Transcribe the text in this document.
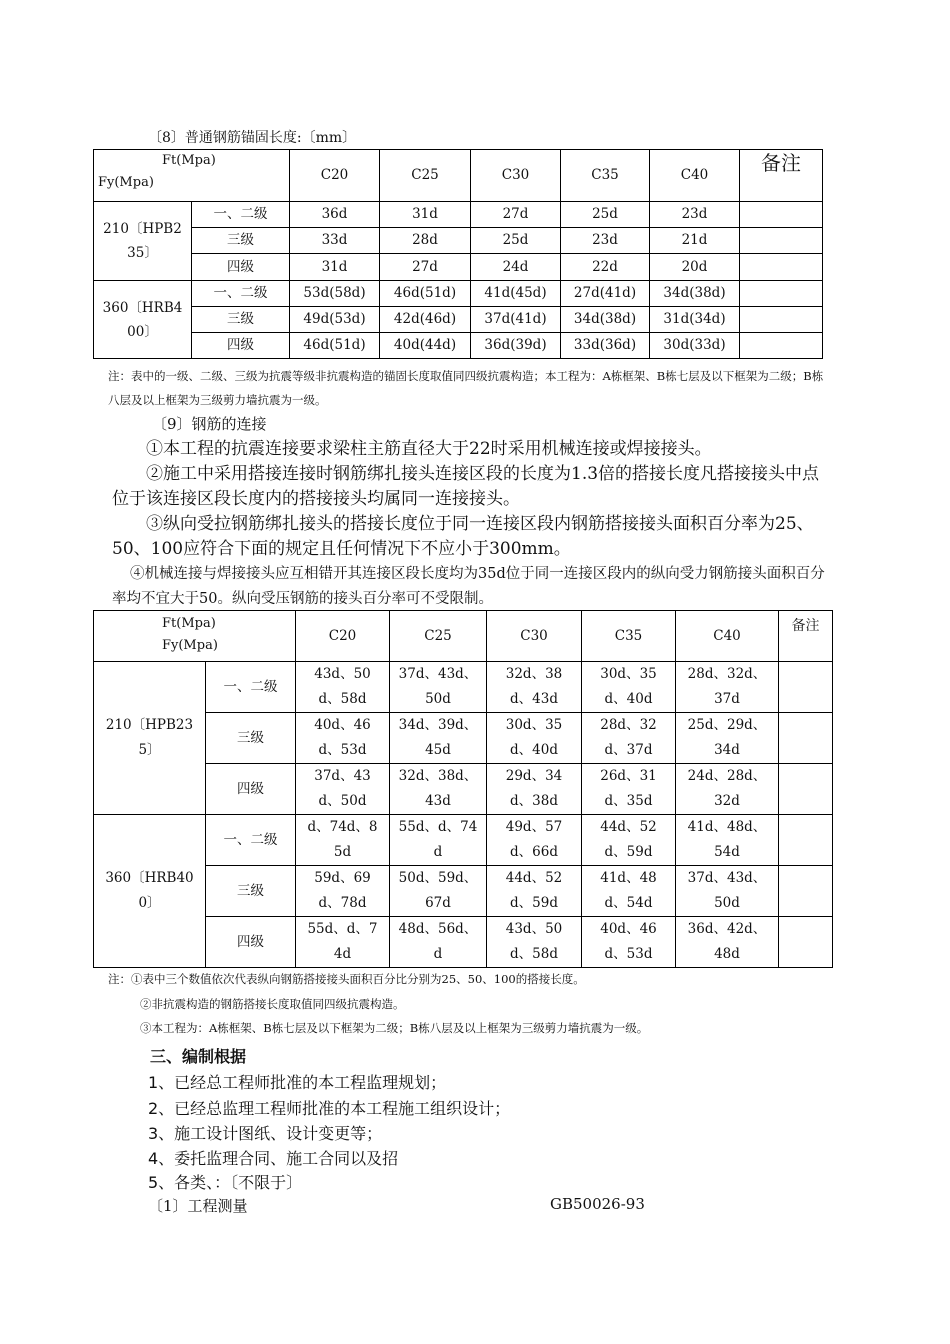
〔8〕普通钢筋锚固长度:〔mm〕
Ft(Mpa)
Fy(Mpa)		C20	C25	C30	C35	C40	备注
210〔HPB235〕	一、二级	36d	31d	27d	25d	23d	
	三级	33d	28d	25d	23d	21d	
	四级	31d	27d	24d	22d	20d	
360〔HRB400〕	一、二级	53d(58d)	46d(51d)	41d(45d)	27d(41d)	34d(38d)	
	三级	49d(53d)	42d(46d)	37d(41d)	34d(38d)	31d(34d)	
	四级	46d(51d)	40d(44d)	36d(39d)	33d(36d)	30d(33d)	
注：表中的一级、二级、三级为抗震等级非抗震构造的锚固长度取值同四级抗震构造；本工程为：A栋框架、B栋七层及以下框架为二级；B栋八层及以上框架为三级剪力墙抗震为一级。
〔9〕钢筋的连接
①本工程的抗震连接要求梁柱主筋直径大于22时采用机械连接或焊接接头。
②施工中采用搭接连接时钢筋绑扎接头连接区段的长度为1.3倍的搭接长度凡搭接接头中点位于该连接区段长度内的搭接接头均属同一连接接头。
③纵向受拉钢筋绑扎接头的搭接长度位于同一连接区段内钢筋搭接接头面积百分率为25、50、100应符合下面的规定且任何情况下不应小于300mm。
④机械连接与焊接接头应互相错开其连接区段长度均为35d位于同一连接区段内的纵向受力钢筋接头面积百分率均不宜大于50。纵向受压钢筋的接头百分率可不受限制。
Ft(Mpa)
Fy(Mpa)		C20	C25	C30	C35	C40	备注
210〔HPB235〕	一、二级	43d、50d、58d	37d、43d、50d	32d、38d、43d	30d、35d、40d	28d、32d、37d	
	三级	40d、46d、53d	34d、39d、45d	30d、35d、40d	28d、32d、37d	25d、29d、34d	
	四级	37d、43d、50d	32d、38d、43d	29d、34d、38d	26d、31d、35d	24d、28d、32d	
360〔HRB400〕	一、二级	d、74d、85d	55d、d、74d	49d、57d、66d	44d、52d、59d	41d、48d、54d	
	三级	59d、69d、78d	50d、59d、67d	44d、52d、59d	41d、48d、54d	37d、43d、50d	
	四级	55d、d、74d	48d、56d、d	43d、50d、58d	40d、46d、53d	36d、42d、48d	
注：①表中三个数值依次代表纵向钢筋搭接接头面积百分比分别为25、50、100的搭接长度。
②非抗震构造的钢筋搭接长度取值同四级抗震构造。
③本工程为：A栋框架、B栋七层及以下框架为二级；B栋八层及以上框架为三级剪力墙抗震为一级。
三、编制根据
1、已经总工程师批准的本工程监理规划；
2、已经总监理工程师批准的本工程施工组织设计；
3、施工设计图纸、设计变更等；
4、委托监理合同、施工合同以及招
5、各类、：〔不限于〕
〔1〕工程测量	GB50026-93
